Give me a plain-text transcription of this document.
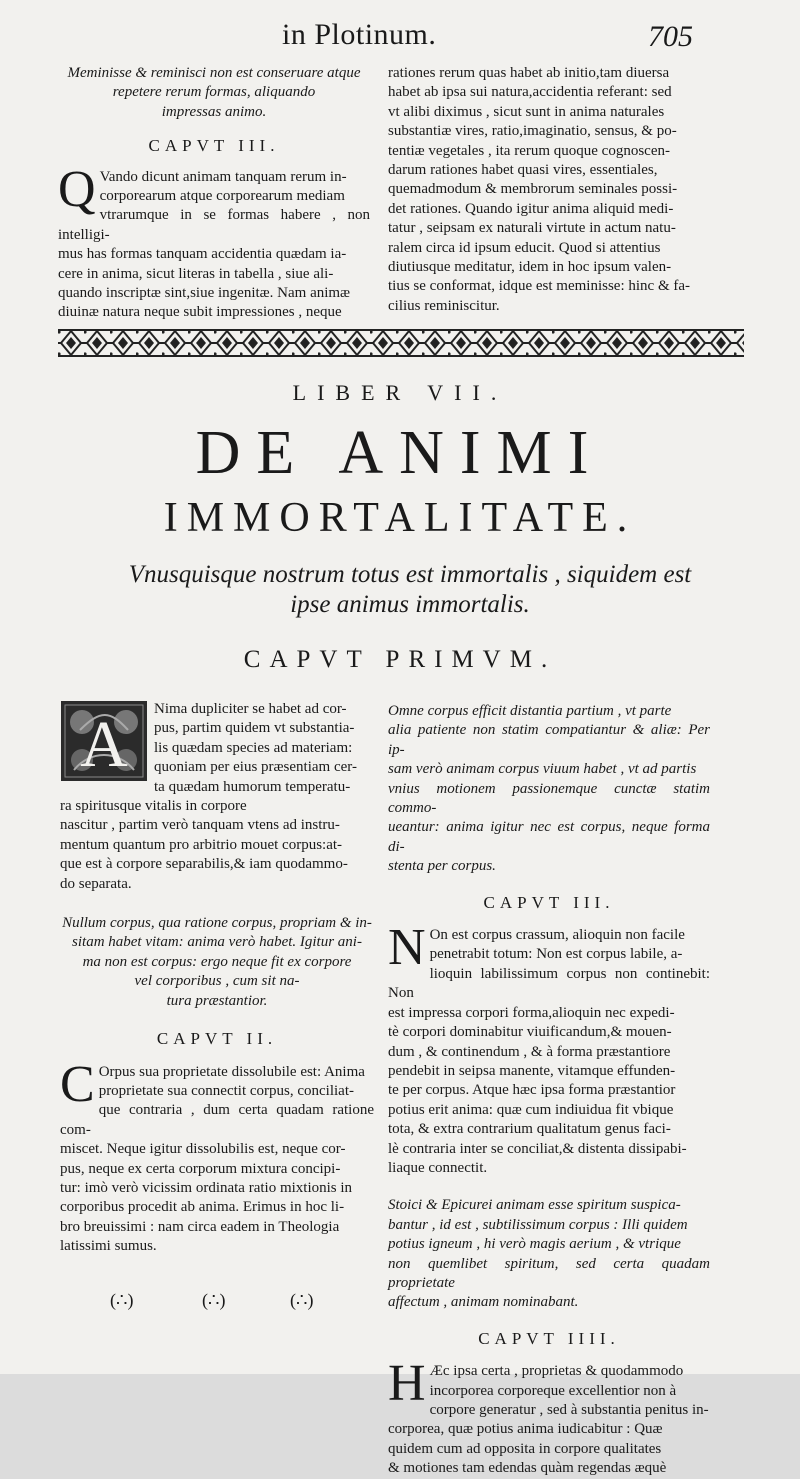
in Plotinum.	705

Meminisse & reminisci non est conseruare atque

repetere rerum formas, aliquando

impressas animo.

CAPVT III.

Q Vando dicunt animam tanquam rerum in-

corporearum atque corporearum mediam

vtrarumque in se formas habere , non intelligi-

mus has formas tanquam accidentia quædam ia-

cere in anima, sicut literas in tabella , siue ali-

quando inscriptæ sint,siue ingenitæ. Nam animæ

diuinæ natura neque subit impressiones , neque

rationes rerum quas habet ab initio,tam diuersa

habet ab ipsa sui natura,accidentia referant: sed

vt alibi diximus , sicut sunt in anima naturales

substantiæ vires, ratio,imaginatio, sensus, & po-

tentiæ vegetales , ita rerum quoque cognoscen-

darum rationes habet quasi vires, essentiales,

quemadmodum & membrorum seminales possi-

det rationes. Quando igitur anima aliquid medi-

tatur , seipsam ex naturali virtute in actum natu-

ralem circa id ipsum educit. Quod si attentius

diutiusque meditatur, idem in hoc ipsum valen-

tius se conformat, idque est meminisse: hinc & fa-

cilius reminiscitur.

LIBER VII.
DE ANIMI
IMMORTALITATE.
Vnusquisque nostrum totus est immortalis , siquidem est
ipse animus immortalis.
CAPVT PRIMVM.
A	Nima dupliciter se habet ad cor-

pus, partim quidem vt substantia-

lis quædam species ad materiam:

quoniam per eius præsentiam cer-

ta quædam humorum temperatu-

ra spiritusque vitalis in corpore

nascitur , partim verò tanquam vtens ad instru-

mentum quantum pro arbitrio mouet corpus:at-

que est à corpore separabilis,& iam quodammo-

do separata.

Nullum corpus, qua ratione corpus, propriam & in-

sitam habet vitam: anima verò habet. Igitur ani-

ma non est corpus: ergo neque fit ex corpore

vel corporibus , cum sit na-

tura præstantior.

CAPVT II.

C Orpus sua proprietate dissolubile est: Anima

proprietate sua connectit corpus, conciliat-

que contraria , dum certa quadam ratione com-

miscet. Neque igitur dissolubilis est, neque cor-

pus, neque ex certa corporum mixtura concipi-

tur: imò verò vicissim ordinata ratio mixtionis in

corporibus procedit ab anima. Erimus in hoc li-

bro breuissimi : nam circa eadem in Theologia

latissimi sumus.

(∴)	(∴)	(∴)

Omne corpus efficit distantia partium , vt parte

alia patiente non statim compatiantur & aliæ: Per ip-

sam verò animam corpus viuum habet , vt ad partis

vnius motionem passionemque cunctæ statim commo-

ueantur: anima igitur nec est corpus, neque forma di-

stenta per corpus.

CAPVT III.

N On est corpus crassum, alioquin non facile

penetrabit totum: Non est corpus labile, a-

lioquin labilissimum corpus non continebit: Non

est impressa corpori forma,alioquin nec expedi-

tè corpori dominabitur viuificandum,& mouen-

dum , & continendum , & à forma præstantiore

pendebit in seipsa manente, vitamque effunden-

te per corpus. Atque hæc ipsa forma præstantior

potius erit anima: quæ cum indiuidua fit vbique

tota, & extra contrarium qualitatum genus faci-

lè contraria inter se conciliat,& distenta dissipabi-

liaque connectit.

Stoici & Epicurei animam esse spiritum suspica-

bantur , id est , subtilissimum corpus : Illi quidem

potius igneum , hi verò magis aerium , & vtrique

non quemlibet spiritum, sed certa quadam proprietate

affectum , animam nominabant.

CAPVT IIII.

H Æc ipsa certa , proprietas & quodammodo

incorporea corporeque excellentior non à

corpore generatur , sed à substantia penitus in-

corporea, quæ potius anima iudicabitur : Quæ

quidem cum ad opposita in corpore qualitates

& motiones tam edendas quàm regendas æquè
